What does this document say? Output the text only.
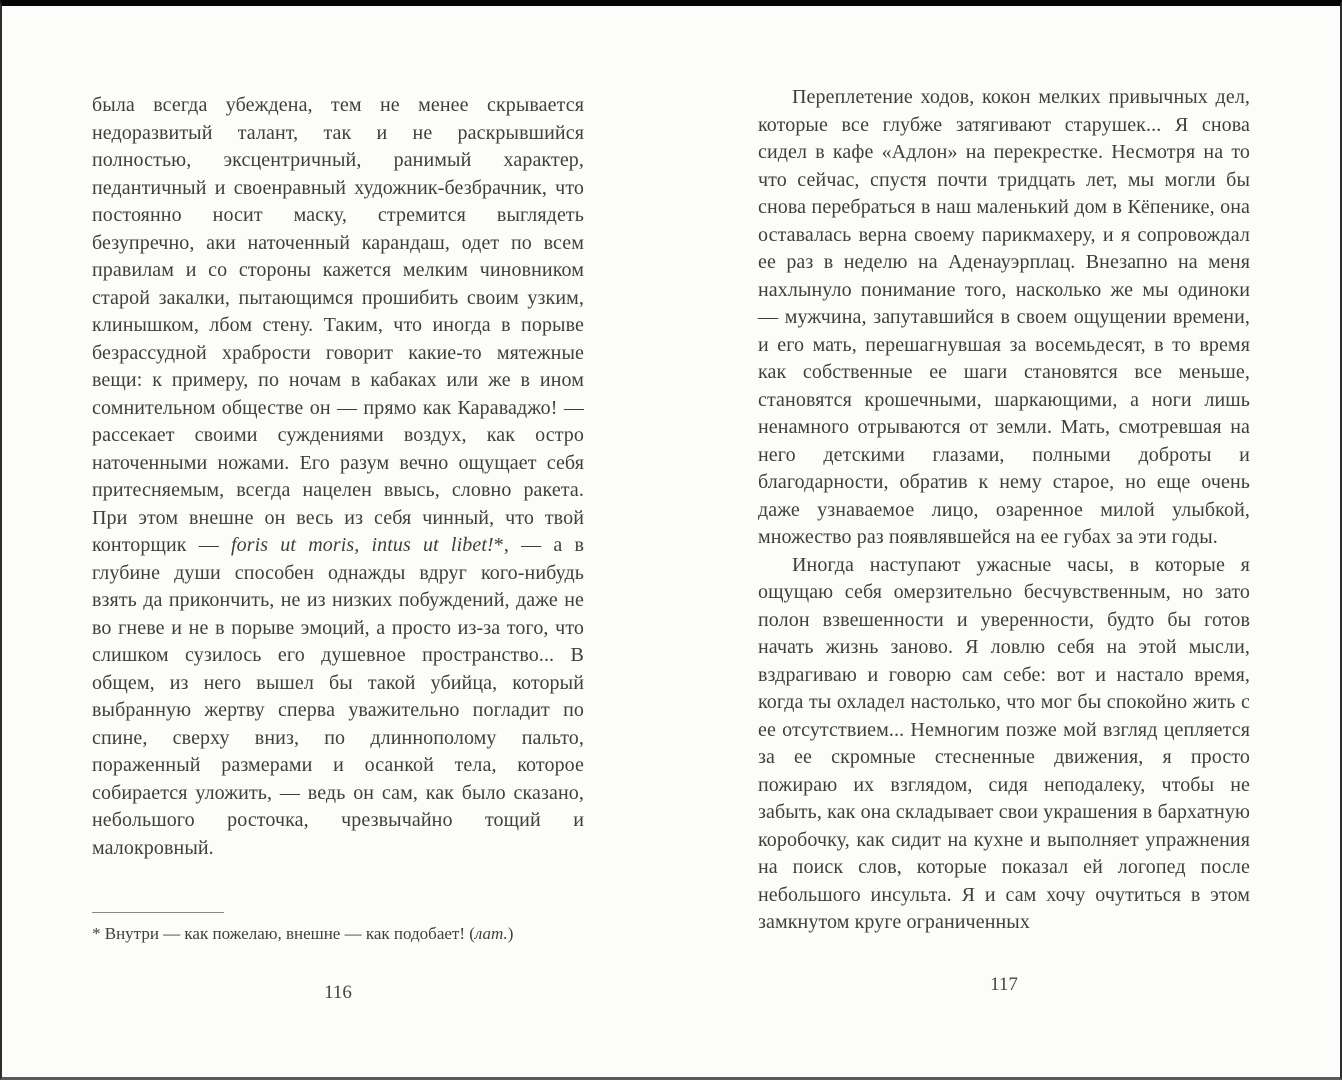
была всегда убеждена, тем не менее скрывается недоразвитый талант, так и не раскрывшийся полностью, эксцентричный, ранимый характер, педантичный и своенравный художник-безбрачник, что постоянно носит маску, стремится выглядеть безупречно, аки наточенный карандаш, одет по всем правилам и со стороны кажется мелким чиновником старой закалки, пытающимся прошибить своим узким, клинышком, лбом стену. Таким, что иногда в порыве безрассудной храбрости говорит какие-то мятежные вещи: к примеру, по ночам в кабаках или же в ином сомнительном обществе он — прямо как Караваджо! — рассекает своими суждениями воздух, как остро наточенными ножами. Его разум вечно ощущает себя притесняемым, всегда нацелен ввысь, словно ракета. При этом внешне он весь из себя чинный, что твой конторщик — foris ut moris, intus ut libet!*, — а в глубине души способен однажды вдруг кого-нибудь взять да прикончить, не из низких побуждений, даже не во гневе и не в порыве эмоций, а просто из-за того, что слишком сузилось его душевное пространство... В общем, из него вышел бы такой убийца, который выбранную жертву сперва уважительно погладит по спине, сверху вниз, по длиннополому пальто, пораженный размерами и осанкой тела, которое собирается уложить, — ведь он сам, как было сказано, небольшого росточка, чрезвычайно тощий и малокровный.

* Внутри — как пожелаю, внешне — как подобает! (лат.)

116

Переплетение ходов, кокон мелких привычных дел, которые все глубже затягивают старушек... Я снова сидел в кафе «Адлон» на перекрестке. Несмотря на то что сейчас, спустя почти тридцать лет, мы могли бы снова перебраться в наш маленький дом в Кёпенике, она оставалась верна своему парикмахеру, и я сопровождал ее раз в неделю на Аденауэрплац. Внезапно на меня нахлынуло понимание того, насколько же мы одиноки — мужчина, запутавшийся в своем ощущении времени, и его мать, перешагнувшая за восемьдесят, в то время как собственные ее шаги становятся все меньше, становятся крошечными, шаркающими, а ноги лишь ненамного отрываются от земли. Мать, смотревшая на него детскими глазами, полными доброты и благодарности, обратив к нему старое, но еще очень даже узнаваемое лицо, озаренное милой улыбкой, множество раз появлявшейся на ее губах за эти годы.

Иногда наступают ужасные часы, в которые я ощущаю себя омерзительно бесчувственным, но зато полон взвешенности и уверенности, будто бы готов начать жизнь заново. Я ловлю себя на этой мысли, вздрагиваю и говорю сам себе: вот и настало время, когда ты охладел настолько, что мог бы спокойно жить с ее отсутствием... Немногим позже мой взгляд цепляется за ее скромные стесненные движения, я просто пожираю их взглядом, сидя неподалеку, чтобы не забыть, как она складывает свои украшения в бархатную коробочку, как сидит на кухне и выполняет упражнения на поиск слов, которые показал ей логопед после небольшого инсульта. Я и сам хочу очутиться в этом замкнутом круге ограниченных

117
